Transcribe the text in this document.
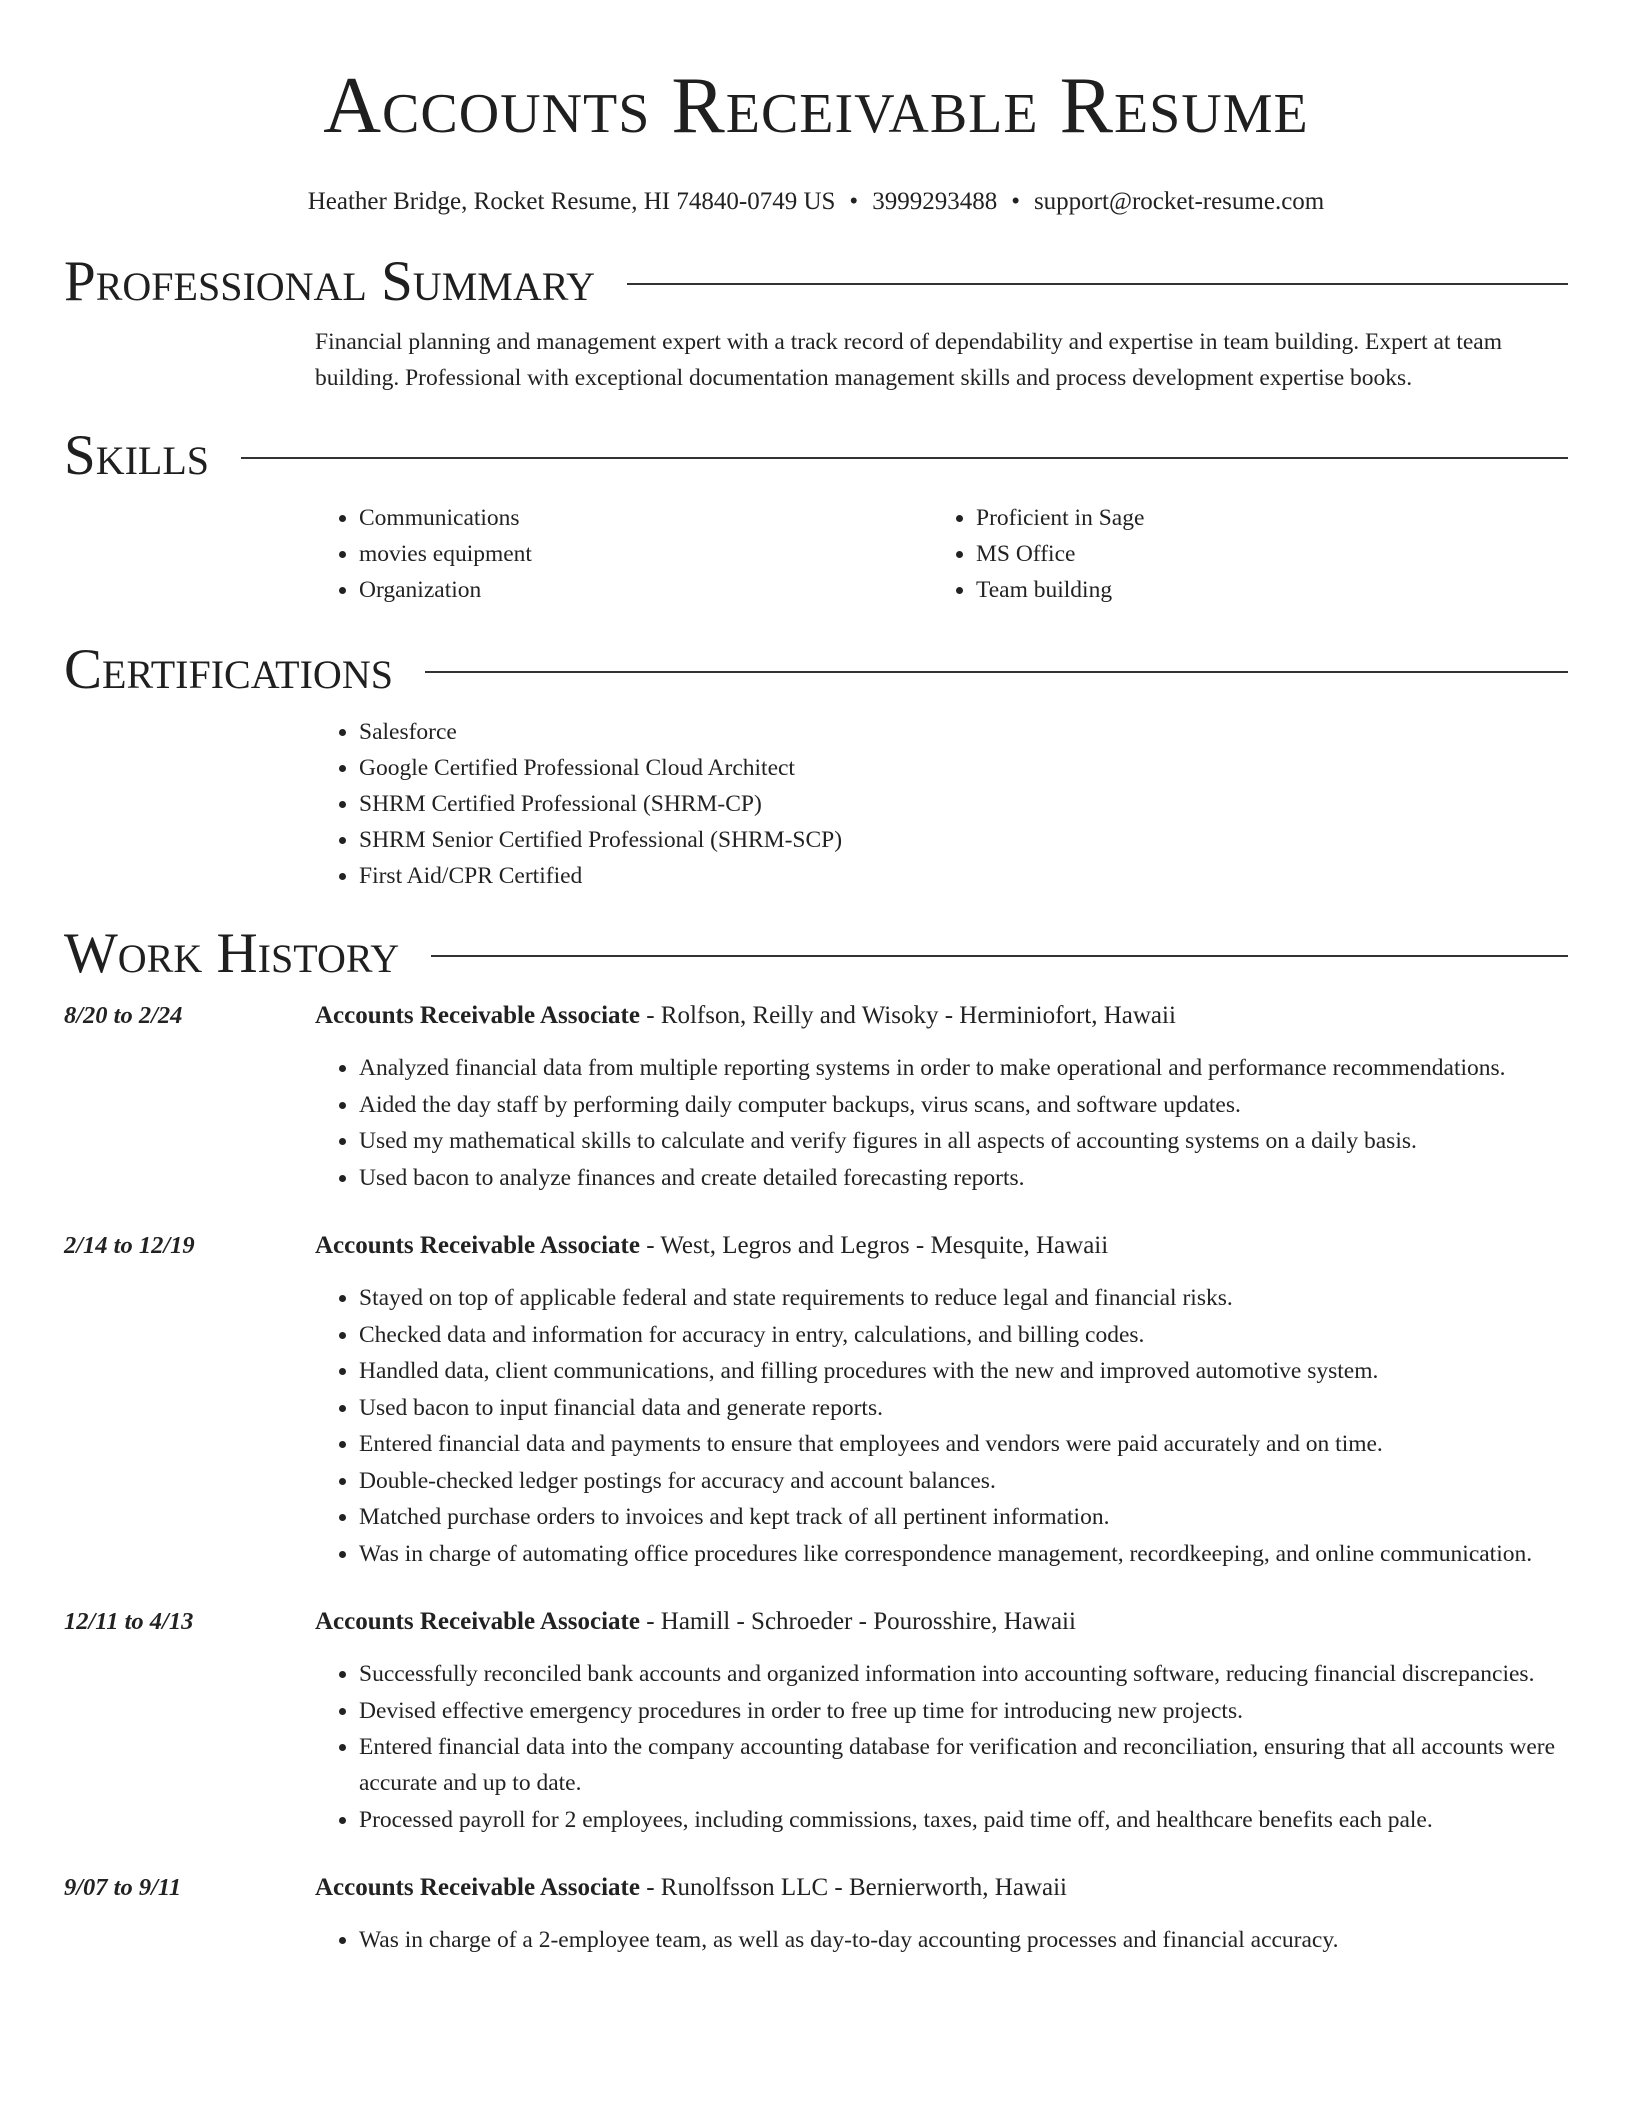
Accounts Receivable Resume
Heather Bridge, Rocket Resume, HI 74840-0749 US • 3999293488 • support@rocket-resume.com
Professional Summary

Financial planning and management expert with a track record of dependability and expertise in team building. Expert at team building. Professional with exceptional documentation management skills and process development expertise books.

Skills
• Communications
• movies equipment
• Organization
• Proficient in Sage
• MS Office
• Team building
Certifications
• Salesforce
• Google Certified Professional Cloud Architect
• SHRM Certified Professional (SHRM-CP)
• SHRM Senior Certified Professional (SHRM-SCP)
• First Aid/CPR Certified
Work History
8/20 to 2/24	Accounts Receivable Associate - Rolfson, Reilly and Wisoky - Herminiofort, Hawaii
• Analyzed financial data from multiple reporting systems in order to make operational and performance recommendations.
• Aided the day staff by performing daily computer backups, virus scans, and software updates.
• Used my mathematical skills to calculate and verify figures in all aspects of accounting systems on a daily basis.
• Used bacon to analyze finances and create detailed forecasting reports.
2/14 to 12/19	Accounts Receivable Associate - West, Legros and Legros - Mesquite, Hawaii
• Stayed on top of applicable federal and state requirements to reduce legal and financial risks.
• Checked data and information for accuracy in entry, calculations, and billing codes.
• Handled data, client communications, and filling procedures with the new and improved automotive system.
• Used bacon to input financial data and generate reports.
• Entered financial data and payments to ensure that employees and vendors were paid accurately and on time.
• Double-checked ledger postings for accuracy and account balances.
• Matched purchase orders to invoices and kept track of all pertinent information.
• Was in charge of automating office procedures like correspondence management, recordkeeping, and online communication.
12/11 to 4/13	Accounts Receivable Associate - Hamill - Schroeder - Pourosshire, Hawaii
• Successfully reconciled bank accounts and organized information into accounting software, reducing financial discrepancies.
• Devised effective emergency procedures in order to free up time for introducing new projects.
• Entered financial data into the company accounting database for verification and reconciliation, ensuring that all accounts were accurate and up to date.
• Processed payroll for 2 employees, including commissions, taxes, paid time off, and healthcare benefits each pale.
9/07 to 9/11	Accounts Receivable Associate - Runolfsson LLC - Bernierworth, Hawaii
• Was in charge of a 2-employee team, as well as day-to-day accounting processes and financial accuracy.
